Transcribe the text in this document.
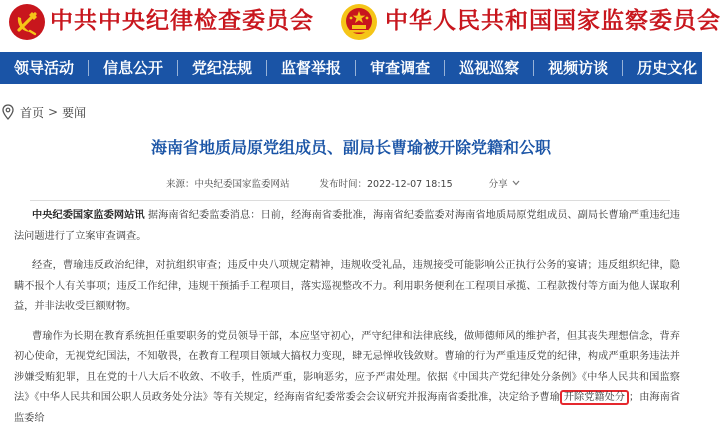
中共中央纪律检查委员会	中华人民共和国国家监察委员会
领导活动 信息公开 党纪法规 监督举报 审查调查 巡视巡察 视频访谈 历史文化
首页 > 要闻
海南省地质局原党组成员、副局长曹瑜被开除党籍和公职
来源：中央纪委国家监委网站	发布时间：2022-12-07 18:15	分享

中央纪委国家监委网站讯 据海南省纪委监委消息：日前，经海南省委批准，海南省纪委监委对海南省地质局原党组成员、副局长曹瑜严重违纪违法问题进行了立案审查调查。

经查，曹瑜违反政治纪律，对抗组织审查；违反中央八项规定精神，违规收受礼品，违规接受可能影响公正执行公务的宴请；违反组织纪律，隐瞒不报个人有关事项；违反工作纪律，违规干预插手工程项目，落实巡视整改不力。利用职务便利在工程项目承揽、工程款拨付等方面为他人谋取利益，并非法收受巨额财物。

曹瑜作为长期在教育系统担任重要职务的党员领导干部，本应坚守初心，严守纪律和法律底线，做师德师风的维护者，但其丧失理想信念，背弃初心使命，无视党纪国法，不知敬畏，在教育工程项目领域大搞权力变现，肆无忌惮收钱敛财。曹瑜的行为严重违反党的纪律，构成严重职务违法并涉嫌受贿犯罪，且在党的十八大后不收敛、不收手，性质严重，影响恶劣，应予严肃处理。依据《中国共产党纪律处分条例》《中华人民共和国监察法》《中华人民共和国公职人员政务处分法》等有关规定，经海南省纪委常委会会议研究并报海南省委批准，决定给予曹瑜 开除党籍处分 ；由海南省监委给
